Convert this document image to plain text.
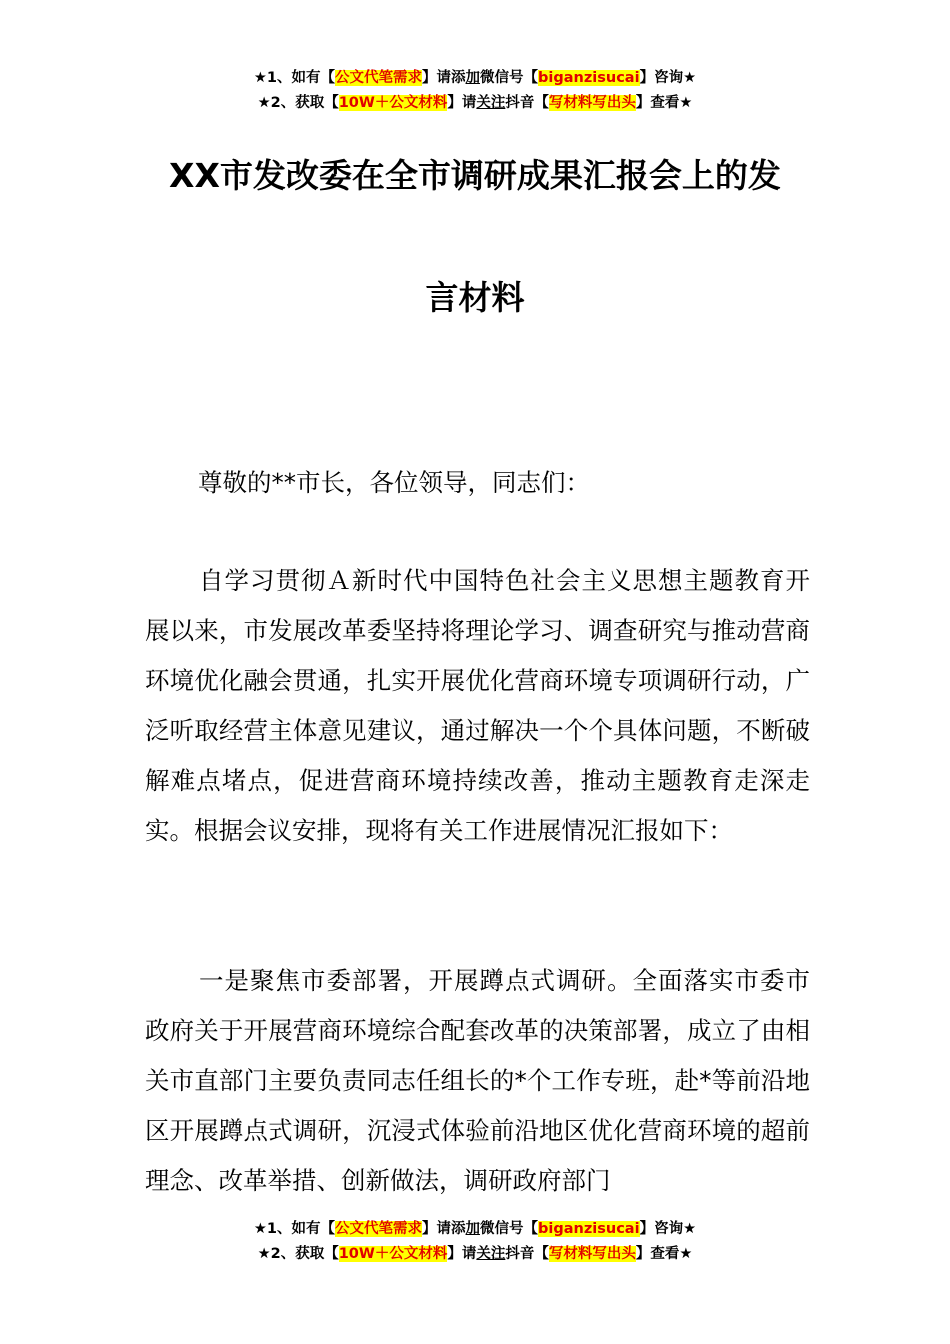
★1、如有【公文代笔需求】请添加微信号【biganzisucai】咨询★
★2、获取【10W＋公文材料】请关注抖音【写材料写出头】查看★
XX市发改委在全市调研成果汇报会上的发
言材料

尊敬的**市长，各位领导，同志们：

自学习贯彻Ａ新时代中国特色社会主义思想主题教育开展以来，市发展改革委坚持将理论学习、调查研究与推动营商环境优化融会贯通，扎实开展优化营商环境专项调研行动，广泛听取经营主体意见建议，通过解决一个个具体问题，不断破解难点堵点，促进营商环境持续改善，推动主题教育走深走实。根据会议安排，现将有关工作进展情况汇报如下：

一是聚焦市委部署，开展蹲点式调研。全面落实市委市政府关于开展营商环境综合配套改革的决策部署，成立了由相关市直部门主要负责同志任组长的*个工作专班，赴*等前沿地区开展蹲点式调研，沉浸式体验前沿地区优化营商环境的超前理念、改革举措、创新做法，调研政府部门

★1、如有【公文代笔需求】请添加微信号【biganzisucai】咨询★
★2、获取【10W＋公文材料】请关注抖音【写材料写出头】查看★
